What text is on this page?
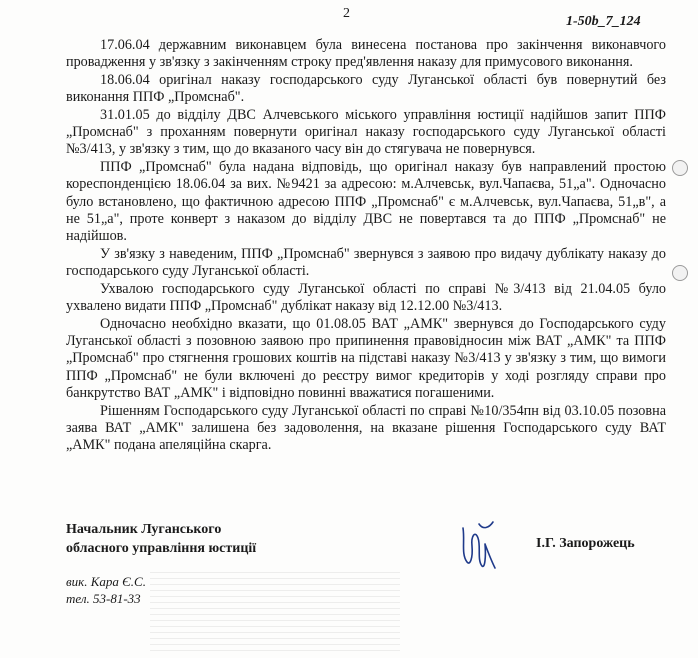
2
1-50b_7_124

17.06.04 державним виконавцем була винесена постанова про закінчення виконавчого провадження у зв'язку з закінченням строку пред'явлення наказу для примусового виконання.

18.06.04 оригінал наказу господарського суду Луганської області був повернутий без виконання ППФ „Промснаб".

31.01.05 до відділу ДВС Алчевського міського управління юстиції надійшов запит ППФ „Промснаб" з проханням повернути оригінал наказу господарського суду Луганської області №3/413, у зв'язку з тим, що до вказаного часу він до стягувача не повернувся.

ППФ „Промснаб" була надана відповідь, що оригінал наказу був направлений простою кореспонденцією 18.06.04 за вих. №9421 за адресою: м.Алчевськ, вул.Чапаєва, 51„а". Одночасно було встановлено, що фактичною адресою ППФ „Промснаб" є м.Алчевськ, вул.Чапаєва, 51„в", а не 51„а", проте конверт з наказом до відділу ДВС не повертався та до ППФ „Промснаб" не надійшов.

У зв'язку з наведеним, ППФ „Промснаб" звернувся з заявою про видачу дублікату наказу до господарського суду Луганської області.

Ухвалою господарського суду Луганської області по справі №3/413 від 21.04.05 було ухвалено видати ППФ „Промснаб" дублікат наказу від 12.12.00 №3/413.

Одночасно необхідно вказати, що 01.08.05 ВАТ „АМК" звернувся до Господарського суду Луганської області з позовною заявою про припинення правовідносин між ВАТ „АМК" та ППФ „Промснаб" про стягнення грошових коштів на підставі наказу №3/413 у зв'язку з тим, що вимоги ППФ „Промснаб" не були включені до реєстру вимог кредиторів у ході розгляду справи про банкрутство ВАТ „АМК" і відповідно повинні вважатися погашеними.

Рішенням Господарського суду Луганської області по справі №10/354пн від 03.10.05 позовна заява ВАТ „АМК" залишена без задоволення, на вказане рішення Господарського суду ВАТ „АМК" подана апеляційна скарга.

Начальник Луганського
обласного управління юстиції	І.Г. Запорожець
вик. Кара Є.С.
тел. 53-81-33
